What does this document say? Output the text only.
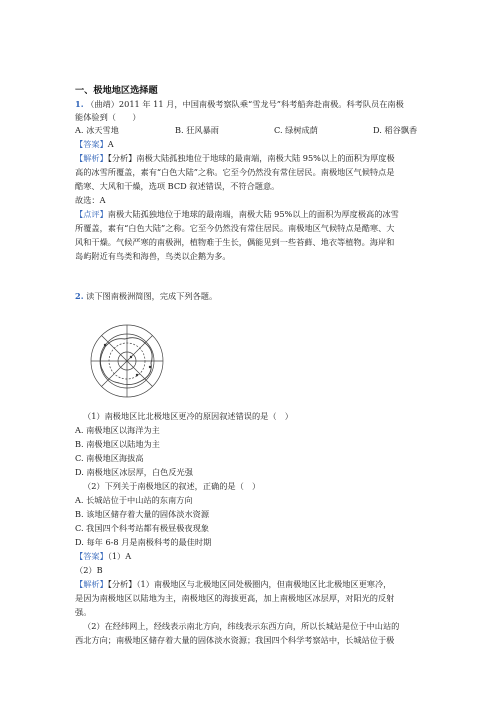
一、极地地区选择题
1. （曲靖）2011 年 11 月，中国南极考察队乘“雪龙号”科考船奔赴南极。科考队员在南极
能体验到（　　）
A. 冰天雪地	B. 狂风暴雨	C. 绿树成荫	D. 稻谷飘香
【答案】A
【解析】【分析】南极大陆孤独地位于地球的最南端，南极大陆 95%以上的面积为厚度极
高的冰雪所覆盖，素有“白色大陆”之称。它至今仍然没有常住居民。南极地区气候特点是
酷寒、大风和干燥，选项 BCD 叙述错误，不符合题意。
故选：A
【点评】南极大陆孤独地位于地球的最南端，南极大陆 95%以上的面积为厚度极高的冰雪
所覆盖，素有“白色大陆”之称。它至今仍然没有常住居民。南极地区气候特点是酷寒、大
风和干燥。气候严寒的南极洲，植物难于生长，偶能见到一些苔藓、地衣等植物。海岸和
岛屿附近有鸟类和海兽，鸟类以企鹅为多。
2. 读下图南极洲简图，完成下列各题。
（1）南极地区比北极地区更冷的原因叙述错误的是（　）
A. 南极地区以海洋为主
B. 南极地区以陆地为主
C. 南极地区海拔高
D. 南极地区冰层厚，白色反光强
（2）下列关于南极地区的叙述，正确的是（　）
A. 长城站位于中山站的东南方向
B. 该地区储存着大量的固体淡水资源
C. 我国四个科考站都有极昼极夜现象
D. 每年 6-8 月是南极科考的最佳时期
【答案】（1）A
（2）B
【解析】【分析】（1）南极地区与北极地区同处极圈内，但南极地区比北极地区更寒冷，
是因为南极地区以陆地为主，南极地区的海拔更高，加上南极地区冰层厚，对阳光的反射
强。
（2）在经纬网上，经线表示南北方向，纬线表示东西方向，所以长城站是位于中山站的
西北方向；南极地区储存着大量的固体淡水资源；我国四个科学考察站中，长城站位于极
